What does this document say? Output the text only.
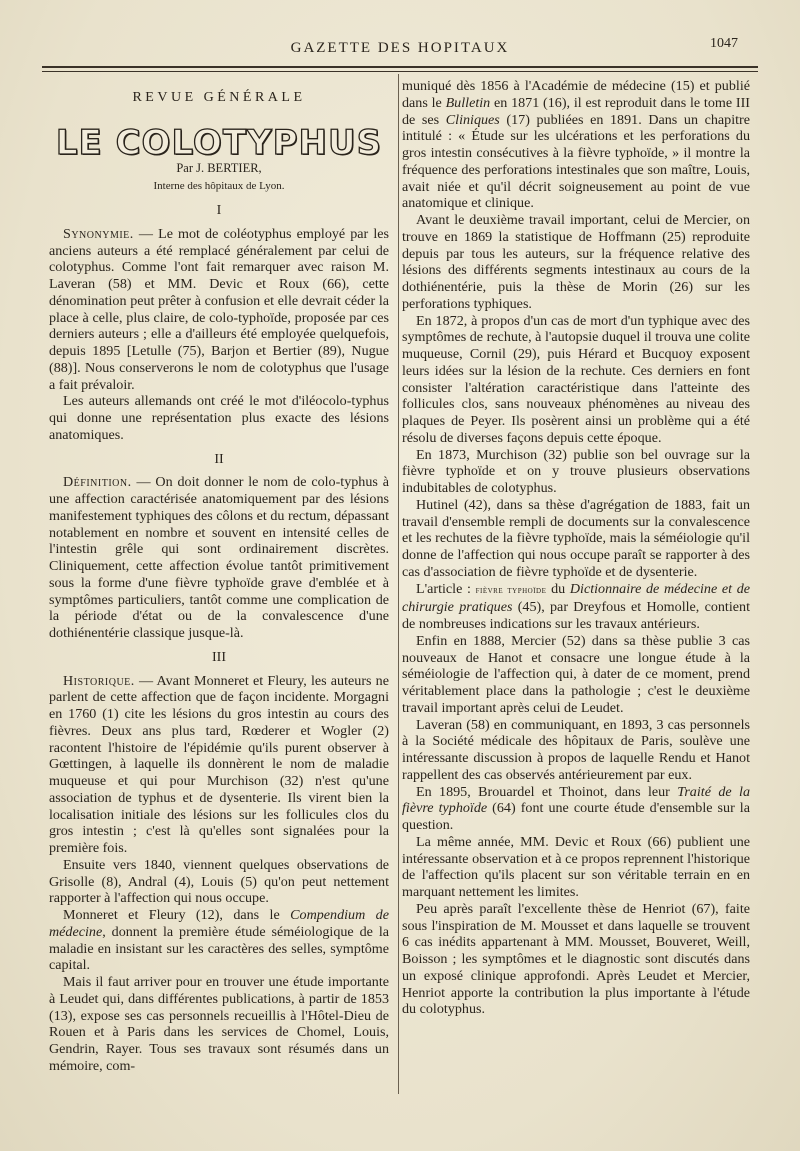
GAZETTE DES HOPITAUX	1047
REVUE GÉNÉRALE
LE COLOTYPHUS
Par J. BERTIER,
Interne des hôpitaux de Lyon.
I

Synonymie. — Le mot de coléotyphus employé par les anciens auteurs a été remplacé généralement par celui de colotyphus. Comme l'ont fait remarquer avec raison M. Laveran (58) et MM. Devic et Roux (66), cette dénomination peut prêter à confusion et elle devrait céder la place à celle, plus claire, de colo-typhoïde, proposée par ces derniers auteurs ; elle a d'ailleurs été employée quelquefois, depuis 1895 [Letulle (75), Barjon et Bertier (89), Nugue (88)]. Nous conserverons le nom de colotyphus que l'usage a fait prévaloir.

Les auteurs allemands ont créé le mot d'iléocolo-typhus qui donne une représentation plus exacte des lésions anatomiques.

II

Définition. — On doit donner le nom de colo-typhus à une affection caractérisée anatomiquement par des lésions manifestement typhiques des côlons et du rectum, dépassant notablement en nombre et souvent en intensité celles de l'intestin grêle qui sont ordinairement discrètes. Cliniquement, cette affection évolue tantôt primitivement sous la forme d'une fièvre typhoïde grave d'emblée et à symptômes particuliers, tantôt comme une complication de la période d'état ou de la convalescence d'une dothiénentérie classique jusque-là.

III

Historique. — Avant Monneret et Fleury, les auteurs ne parlent de cette affection que de façon incidente. Morgagni en 1760 (1) cite les lésions du gros intestin au cours des fièvres. Deux ans plus tard, Rœderer et Wogler (2) racontent l'histoire de l'épidémie qu'ils purent observer à Gœttingen, à laquelle ils donnèrent le nom de maladie muqueuse et qui pour Murchison (32) n'est qu'une association de typhus et de dysenterie. Ils virent bien la localisation initiale des lésions sur les follicules clos du gros intestin ; c'est là qu'elles sont signalées pour la première fois.

Ensuite vers 1840, viennent quelques observations de Grisolle (8), Andral (4), Louis (5) qu'on peut nettement rapporter à l'affection qui nous occupe.

Monneret et Fleury (12), dans le Compendium de médecine, donnent la première étude séméiologique de la maladie en insistant sur les caractères des selles, symptôme capital.

Mais il faut arriver pour en trouver une étude importante à Leudet qui, dans différentes publications, à partir de 1853 (13), expose ses cas personnels recueillis à l'Hôtel-Dieu de Rouen et à Paris dans les services de Chomel, Louis, Gendrin, Rayer. Tous ses travaux sont résumés dans un mémoire, com-

muniqué dès 1856 à l'Académie de médecine (15) et publié dans le Bulletin en 1871 (16), il est reproduit dans le tome III de ses Cliniques (17) publiées en 1891. Dans un chapitre intitulé : « Étude sur les ulcérations et les perforations du gros intestin consécutives à la fièvre typhoïde, » il montre la fréquence des perforations intestinales que son maître, Louis, avait niée et qu'il décrit soigneusement au point de vue anatomique et clinique.

Avant le deuxième travail important, celui de Mercier, on trouve en 1869 la statistique de Hoffmann (25) reproduite depuis par tous les auteurs, sur la fréquence relative des lésions des différents segments intestinaux au cours de la dothiénentérie, puis la thèse de Morin (26) sur les perforations typhiques.

En 1872, à propos d'un cas de mort d'un typhique avec des symptômes de rechute, à l'autopsie duquel il trouva une colite muqueuse, Cornil (29), puis Hérard et Bucquoy exposent leurs idées sur la lésion de la rechute. Ces derniers en font consister l'altération caractéristique dans l'atteinte des follicules clos, sans nouveaux phénomènes au niveau des plaques de Peyer. Ils posèrent ainsi un problème qui a été résolu de diverses façons depuis cette époque.

En 1873, Murchison (32) publie son bel ouvrage sur la fièvre typhoïde et on y trouve plusieurs observations indubitables de colotyphus.

Hutinel (42), dans sa thèse d'agrégation de 1883, fait un travail d'ensemble rempli de documents sur la convalescence et les rechutes de la fièvre typhoïde, mais la séméiologie qu'il donne de l'affection qui nous occupe paraît se rapporter à des cas d'association de fièvre typhoïde et de dysenterie.

L'article : fièvre typhoïde du Dictionnaire de médecine et de chirurgie pratiques (45), par Dreyfous et Homolle, contient de nombreuses indications sur les travaux antérieurs.

Enfin en 1888, Mercier (52) dans sa thèse publie 3 cas nouveaux de Hanot et consacre une longue étude à la séméiologie de l'affection qui, à dater de ce moment, prend véritablement place dans la pathologie ; c'est le deuxième travail important après celui de Leudet.

Laveran (58) en communiquant, en 1893, 3 cas personnels à la Société médicale des hôpitaux de Paris, soulève une intéressante discussion à propos de laquelle Rendu et Hanot rappellent des cas observés antérieurement par eux.

En 1895, Brouardel et Thoinot, dans leur Traité de la fièvre typhoïde (64) font une courte étude d'ensemble sur la question.

La même année, MM. Devic et Roux (66) publient une intéressante observation et à ce propos reprennent l'historique de l'affection qu'ils placent sur son véritable terrain en en marquant nettement les limites.

Peu après paraît l'excellente thèse de Henriot (67), faite sous l'inspiration de M. Mousset et dans laquelle se trouvent 6 cas inédits appartenant à MM. Mousset, Bouveret, Weill, Boisson ; les symptômes et le diagnostic sont discutés dans un exposé clinique approfondi. Après Leudet et Mercier, Henriot apporte la contribution la plus importante à l'étude du colotyphus.
